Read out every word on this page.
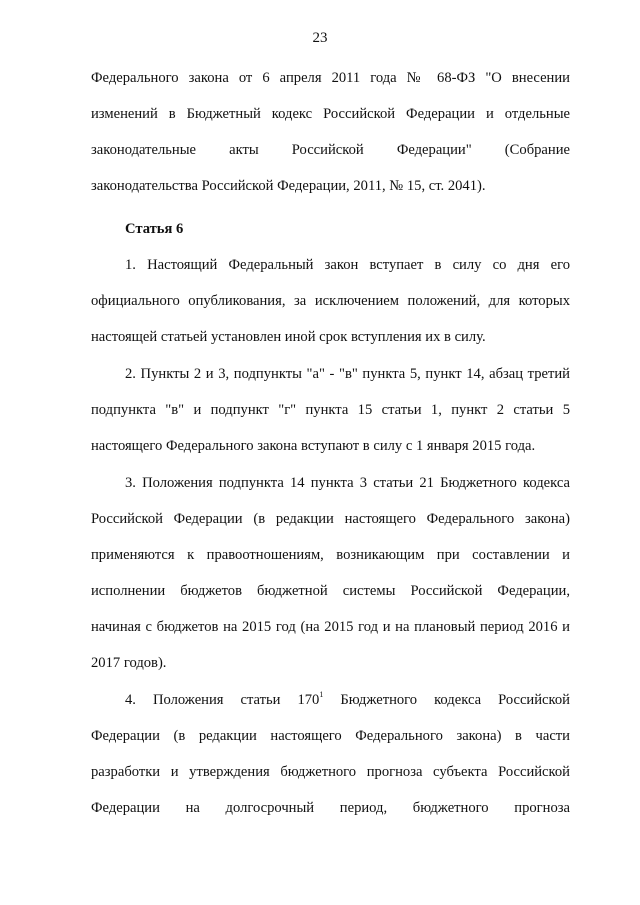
23
Федерального закона от 6 апреля 2011 года № 68-ФЗ "О внесении
изменений в Бюджетный кодекс Российской Федерации и отдельные
законодательные акты Российской Федерации" (Собрание
законодательства Российской Федерации, 2011, № 15, ст. 2041).
Статья 6
1. Настоящий Федеральный закон вступает в силу со дня его
официального опубликования, за исключением положений, для которых
настоящей статьей установлен иной срок вступления их в силу.
2. Пункты 2 и 3, подпункты "а" - "в" пункта 5, пункт 14, абзац третий
подпункта "в" и подпункт "г" пункта 15 статьи 1, пункт 2 статьи 5
настоящего Федерального закона вступают в силу с 1 января 2015 года.
3. Положения подпункта 14 пункта 3 статьи 21 Бюджетного кодекса
Российской Федерации (в редакции настоящего Федерального закона)
применяются к правоотношениям, возникающим при составлении и
исполнении бюджетов бюджетной системы Российской Федерации,
начиная с бюджетов на 2015 год (на 2015 год и на плановый период 2016 и
2017 годов).
4. Положения статьи $170^1$ Бюджетного кодекса Российской
Федерации (в редакции настоящего Федерального закона) в части
разработки и утверждения бюджетного прогноза субъекта Российской
Федерации на долгосрочный период, бюджетного прогноза
